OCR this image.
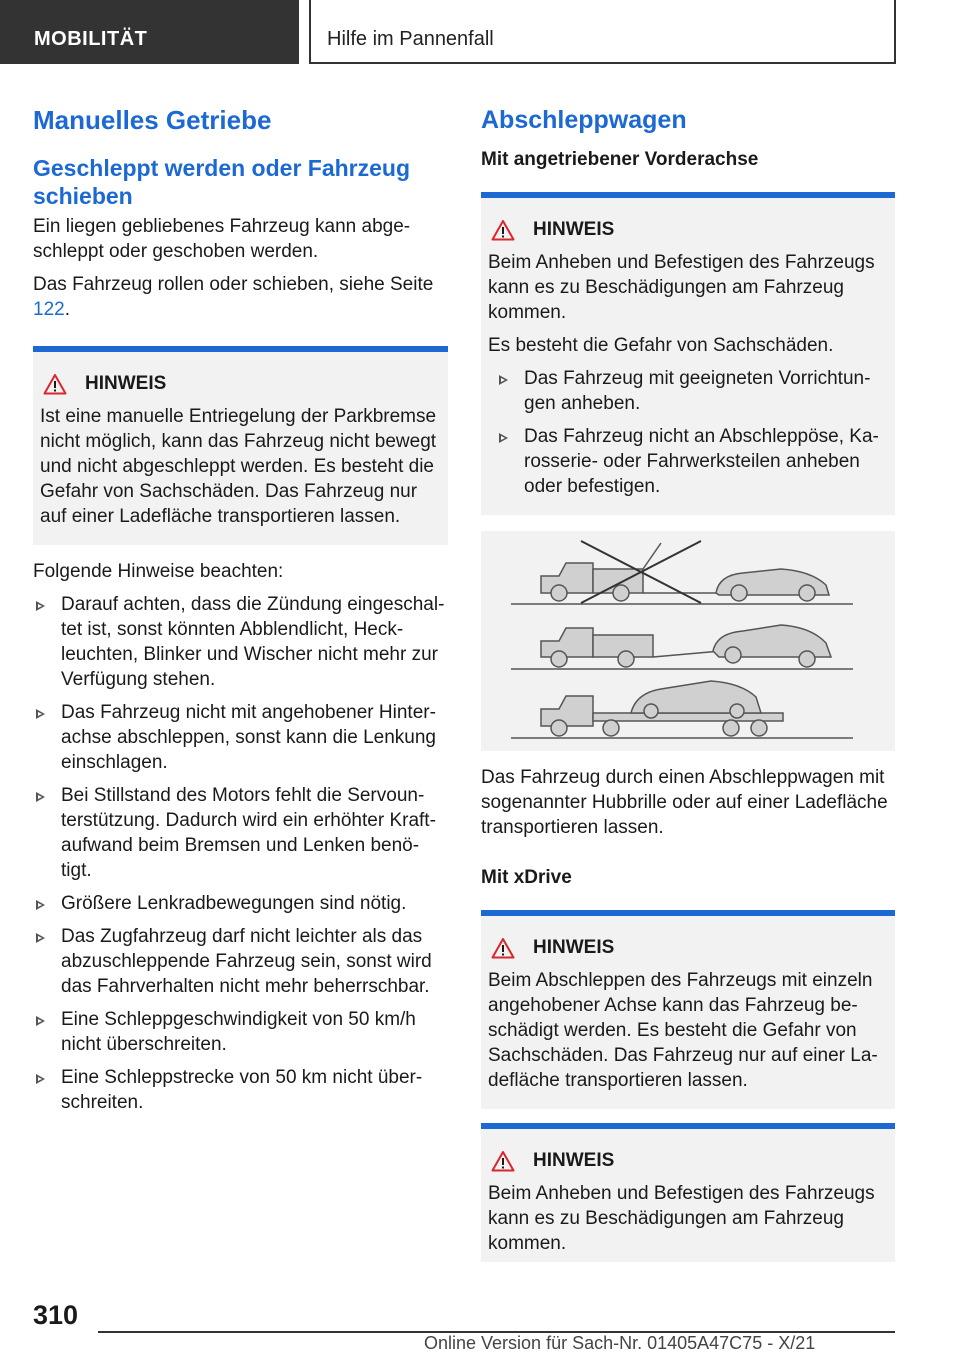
MOBILITÄT	Hilfe im Pannenfall
Manuelles Getriebe
Geschleppt werden oder Fahrzeug schieben

Ein liegen gebliebenes Fahrzeug kann abge‐schleppt oder geschoben werden.

Das Fahrzeug rollen oder schieben, siehe Seite 122.

HINWEIS

Ist eine manuelle Entriegelung der Parkbremse nicht möglich, kann das Fahrzeug nicht bewegt und nicht abgeschleppt werden. Es besteht die Gefahr von Sachschäden. Das Fahrzeug nur auf einer Ladefläche transportieren lassen.

Folgende Hinweise beachten:

Darauf achten, dass die Zündung eingeschal‐tet ist, sonst könnten Abblendlicht, Heck‐leuchten, Blinker und Wischer nicht mehr zur Verfügung stehen.
Das Fahrzeug nicht mit angehobener Hinter‐achse abschleppen, sonst kann die Lenkung einschlagen.
Bei Stillstand des Motors fehlt die Servoun‐terstützung. Dadurch wird ein erhöhter Kraft‐aufwand beim Bremsen und Lenken benö‐tigt.
Größere Lenkradbewegungen sind nötig.
Das Zugfahrzeug darf nicht leichter als das abzuschleppende Fahrzeug sein, sonst wird das Fahrverhalten nicht mehr beherrschbar.
Eine Schleppgeschwindigkeit von 50 km/h nicht überschreiten.
Eine Schleppstrecke von 50 km nicht über‐schreiten.
Abschleppwagen
Mit angetriebener Vorderachse
HINWEIS

Beim Anheben und Befestigen des Fahrzeugs kann es zu Beschädigungen am Fahrzeug kommen.

Es besteht die Gefahr von Sachschäden.

Das Fahrzeug mit geeigneten Vorrichtun‐gen anheben.
Das Fahrzeug nicht an Abschleppöse, Ka‐rosserie- oder Fahrwerksteilen anheben oder befestigen.

Das Fahrzeug durch einen Abschleppwagen mit sogenannter Hubbrille oder auf einer Ladefläche transportieren lassen.

Mit xDrive
HINWEIS

Beim Abschleppen des Fahrzeugs mit einzeln angehobener Achse kann das Fahrzeug be‐schädigt werden. Es besteht die Gefahr von Sachschäden. Das Fahrzeug nur auf einer La‐defläche transportieren lassen.

HINWEIS

Beim Anheben und Befestigen des Fahrzeugs kann es zu Beschädigungen am Fahrzeug kommen.

310
Online Version für Sach-Nr. 01405A47C75 - X/21
